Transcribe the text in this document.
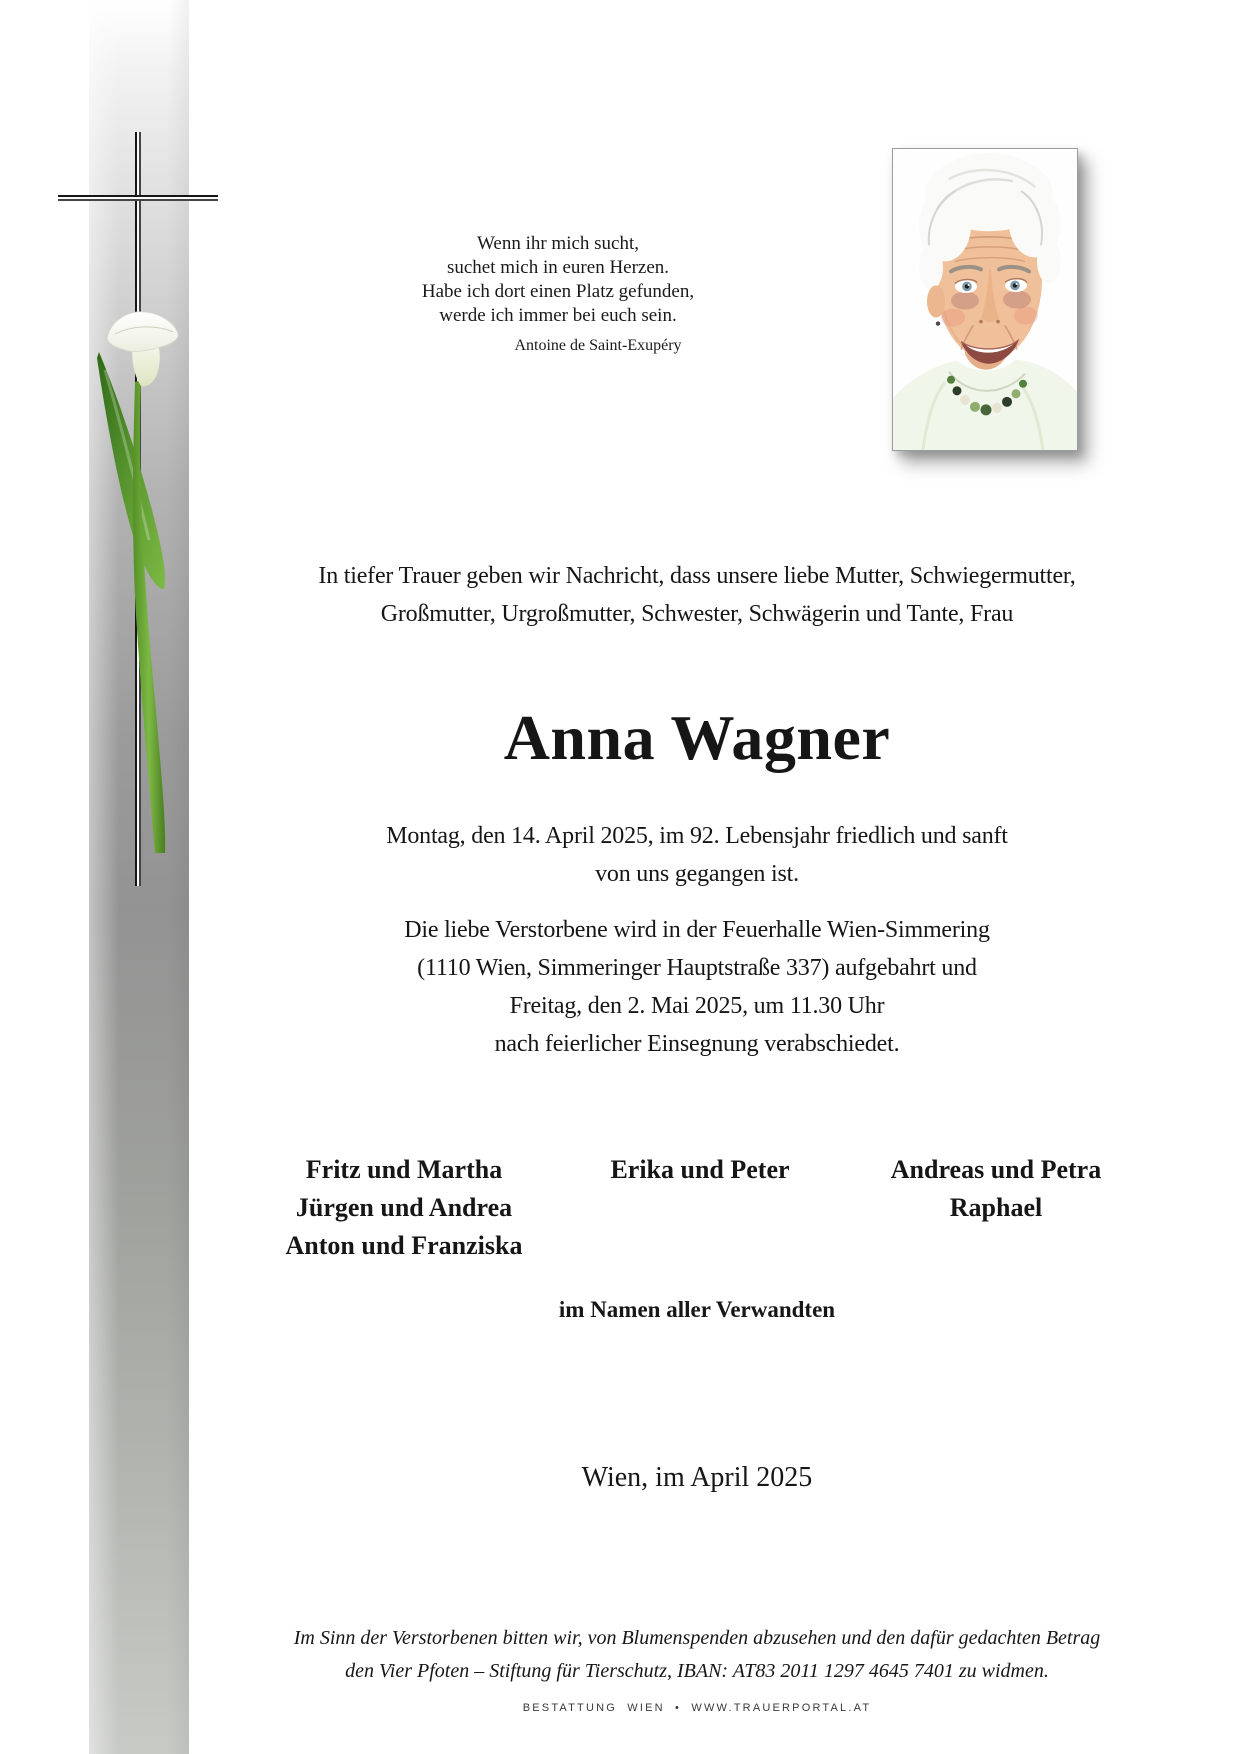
Wenn ihr mich sucht,
suchet mich in euren Herzen.
Habe ich dort einen Platz gefunden,
werde ich immer bei euch sein.
Antoine de Saint-Exupéry
In tiefer Trauer geben wir Nachricht, dass unsere liebe Mutter, Schwiegermutter,
Großmutter, Urgroßmutter, Schwester, Schwägerin und Tante, Frau
Anna Wagner
Montag, den 14. April 2025, im 92. Lebensjahr friedlich und sanft
von uns gegangen ist.
Die liebe Verstorbene wird in der Feuerhalle Wien-Simmering
(1110 Wien, Simmeringer Hauptstraße 337) aufgebahrt und
Freitag, den 2. Mai 2025, um 11.30 Uhr
nach feierlicher Einsegnung verabschiedet.
Fritz und Martha
Jürgen und Andrea
Anton und Franziska
Erika und Peter	Andreas und Petra
Raphael
im Namen aller Verwandten
Wien, im April 2025
Im Sinn der Verstorbenen bitten wir, von Blumenspenden abzusehen und den dafür gedachten Betrag
den Vier Pfoten – Stiftung für Tierschutz, IBAN: AT83 2011 1297 4645 7401 zu widmen.
BESTATTUNG WIEN • WWW.TRAUERPORTAL.AT
